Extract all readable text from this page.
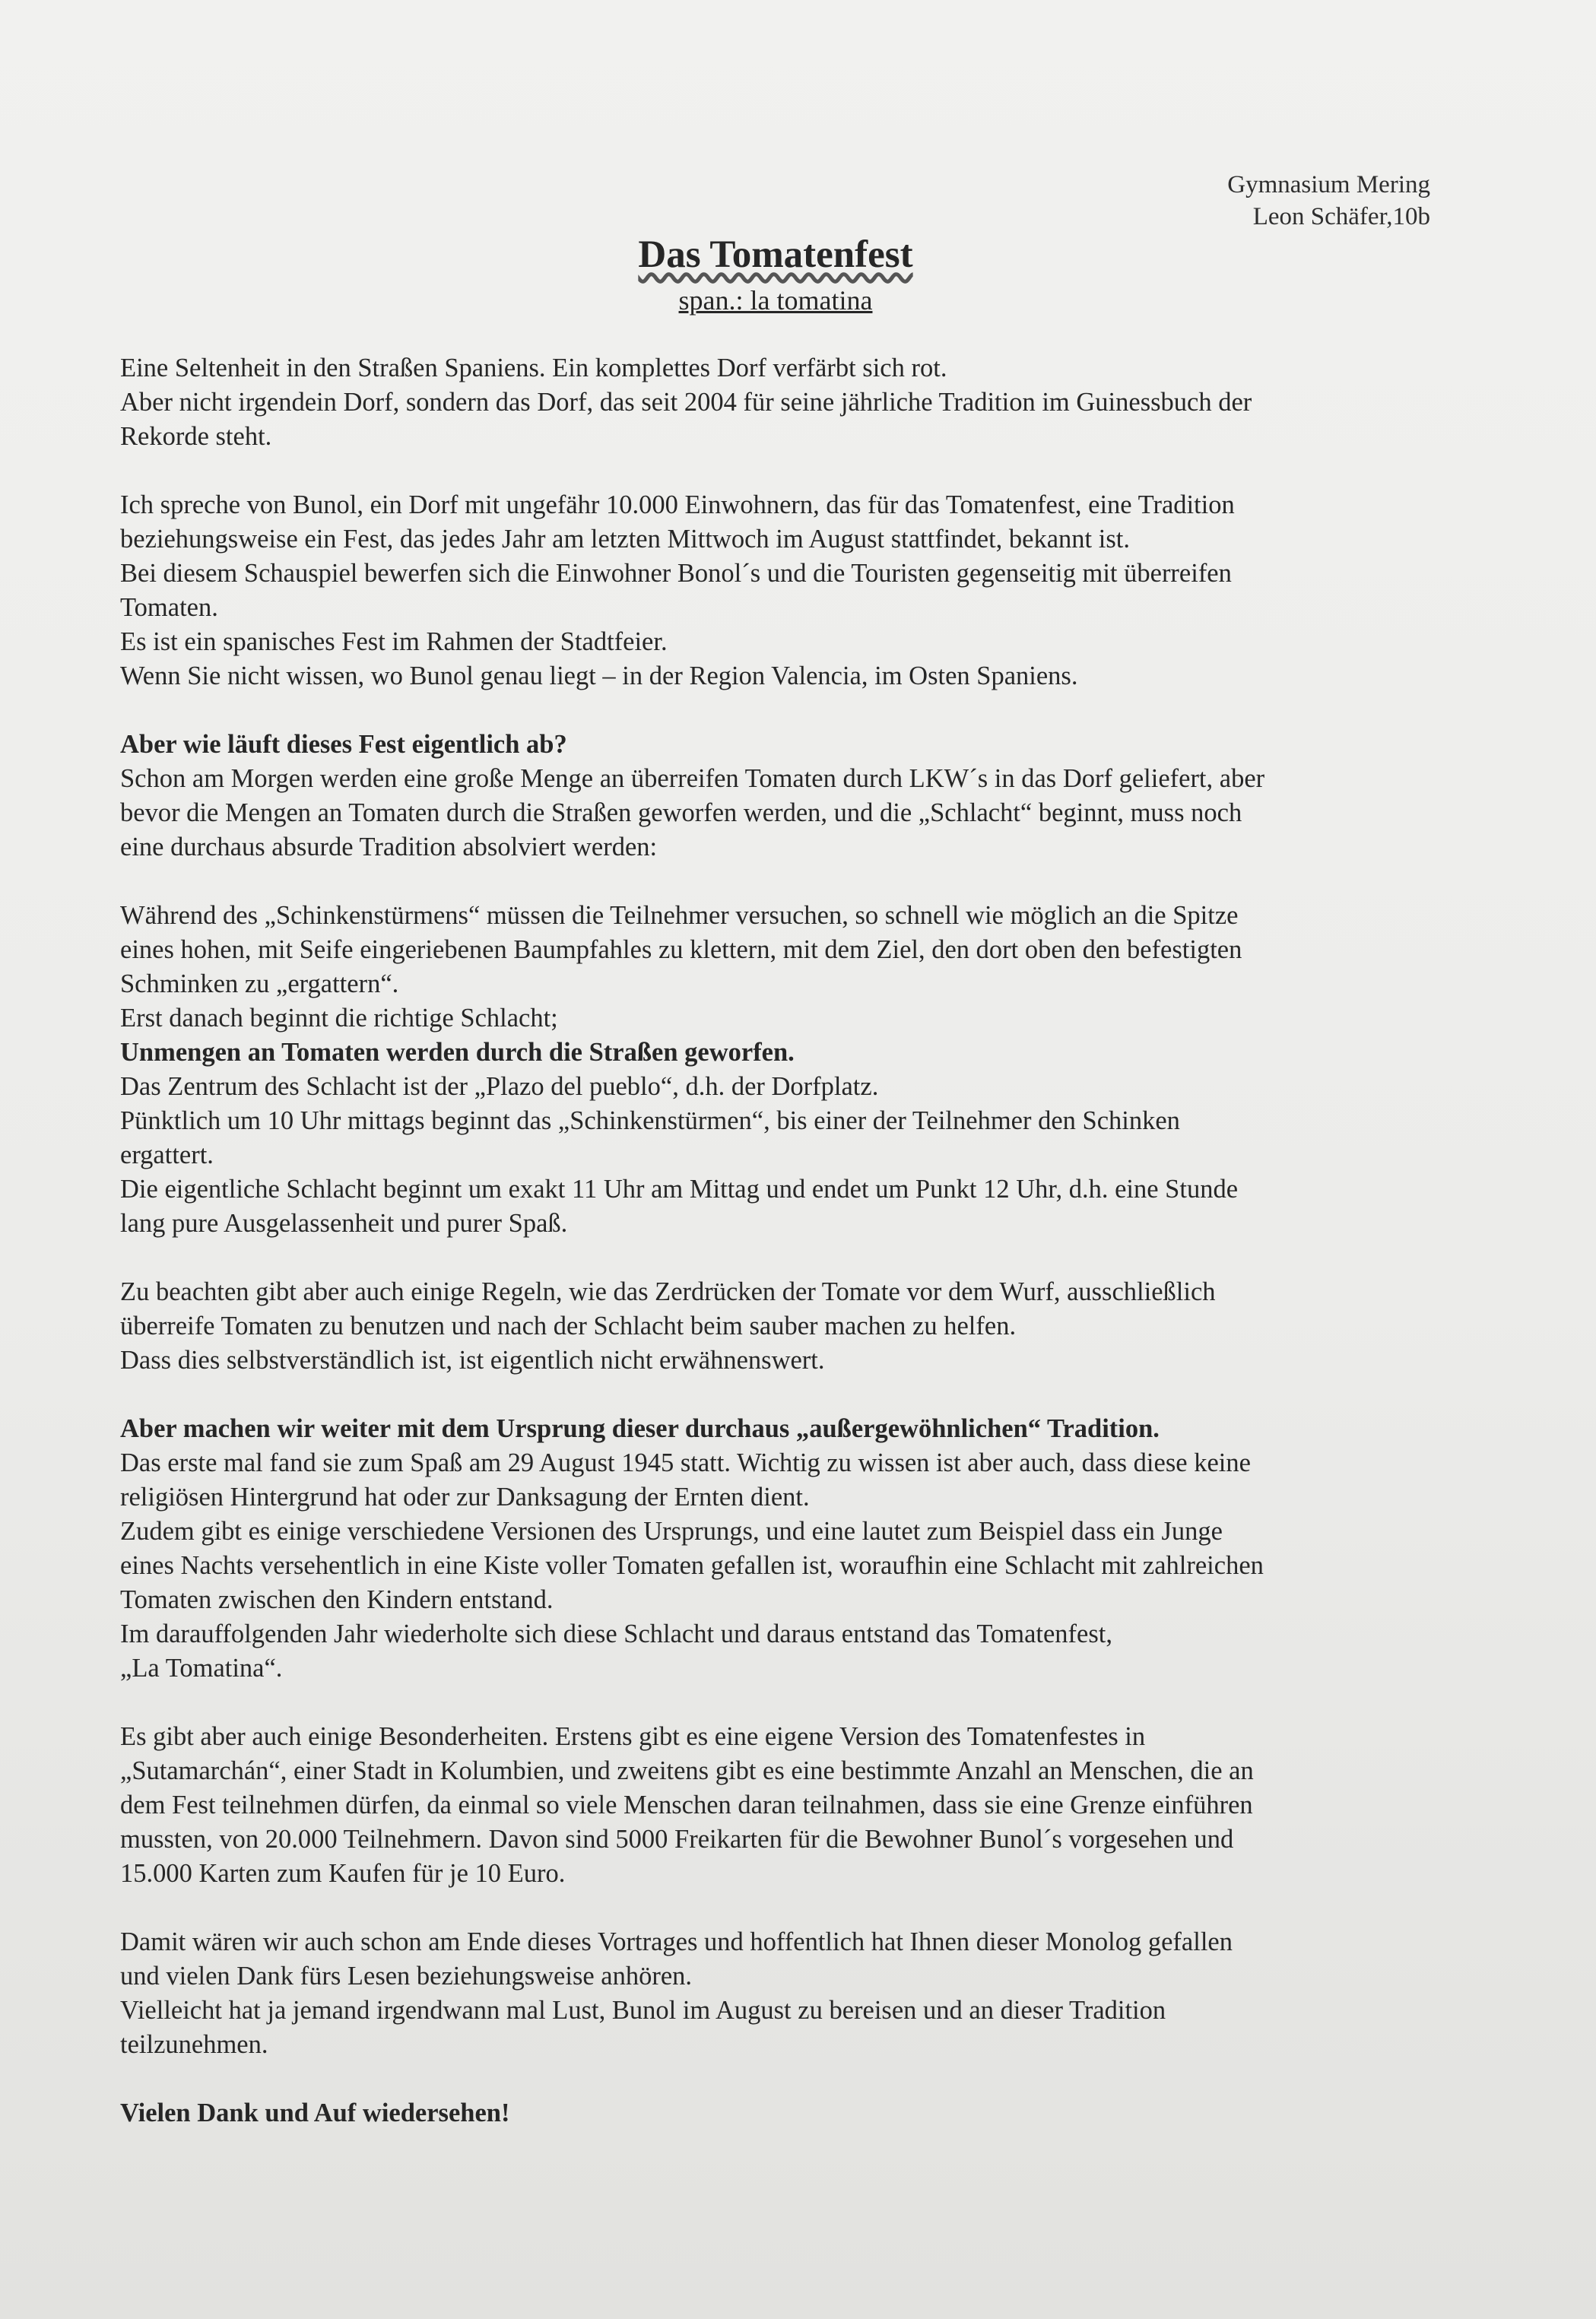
Gymnasium Mering
Leon Schäfer,10b
Das Tomatenfest
span.: la tomatina
Eine Seltenheit in den Straßen Spaniens. Ein komplettes Dorf verfärbt sich rot.
Aber nicht irgendein Dorf, sondern das Dorf, das seit 2004 für seine jährliche Tradition im Guinessbuch der
Rekorde steht.
Ich spreche von Bunol, ein Dorf mit ungefähr 10.000 Einwohnern, das für das Tomatenfest, eine Tradition
beziehungsweise ein Fest, das jedes Jahr am letzten Mittwoch im August stattfindet, bekannt ist.
Bei diesem Schauspiel bewerfen sich die Einwohner Bonol´s und die Touristen gegenseitig mit überreifen
Tomaten.
Es ist ein spanisches Fest im Rahmen der Stadtfeier.
Wenn Sie nicht wissen, wo Bunol genau liegt – in der Region Valencia, im Osten Spaniens.
Aber wie läuft dieses Fest eigentlich ab?
Schon am Morgen werden eine große Menge an überreifen Tomaten durch LKW´s in das Dorf geliefert, aber
bevor die Mengen an Tomaten durch die Straßen geworfen werden, und die „Schlacht“ beginnt, muss noch
eine durchaus absurde Tradition absolviert werden:
Während des „Schinkenstürmens“ müssen die Teilnehmer versuchen, so schnell wie möglich an die Spitze
eines hohen, mit Seife eingeriebenen Baumpfahles zu klettern, mit dem Ziel, den dort oben den befestigten
Schminken zu „ergattern“.
Erst danach beginnt die richtige Schlacht;
Unmengen an Tomaten werden durch die Straßen geworfen.
Das Zentrum des Schlacht ist der „Plazo del pueblo“, d.h. der Dorfplatz.
Pünktlich um 10 Uhr mittags beginnt das „Schinkenstürmen“, bis einer der Teilnehmer den Schinken
ergattert.
Die eigentliche Schlacht beginnt um exakt 11 Uhr am Mittag und endet um Punkt 12 Uhr, d.h. eine Stunde
lang pure Ausgelassenheit und purer Spaß.
Zu beachten gibt aber auch einige Regeln, wie das Zerdrücken der Tomate vor dem Wurf, ausschließlich
überreife Tomaten zu benutzen und nach der Schlacht beim sauber machen zu helfen.
Dass dies selbstverständlich ist, ist eigentlich nicht erwähnenswert.
Aber machen wir weiter mit dem Ursprung dieser durchaus „außergewöhnlichen“ Tradition.
Das erste mal fand sie zum Spaß am 29 August 1945 statt. Wichtig zu wissen ist aber auch, dass diese keine
religiösen Hintergrund hat oder zur Danksagung der Ernten dient.
Zudem gibt es einige verschiedene Versionen des Ursprungs, und eine lautet zum Beispiel dass ein Junge
eines Nachts versehentlich in eine Kiste voller Tomaten gefallen ist, woraufhin eine Schlacht mit zahlreichen
Tomaten zwischen den Kindern entstand.
Im darauffolgenden Jahr wiederholte sich diese Schlacht und daraus entstand das Tomatenfest,
„La Tomatina“.
Es gibt aber auch einige Besonderheiten. Erstens gibt es eine eigene Version des Tomatenfestes in
„Sutamarchán“, einer Stadt in Kolumbien, und zweitens gibt es eine bestimmte Anzahl an Menschen, die an
dem Fest teilnehmen dürfen, da einmal so viele Menschen daran teilnahmen, dass sie eine Grenze einführen
mussten, von 20.000 Teilnehmern. Davon sind 5000 Freikarten für die Bewohner Bunol´s vorgesehen und
15.000 Karten zum Kaufen für je 10 Euro.
Damit wären wir auch schon am Ende dieses Vortrages und hoffentlich hat Ihnen dieser Monolog gefallen
und vielen Dank fürs Lesen beziehungsweise anhören.
Vielleicht hat ja jemand irgendwann mal Lust, Bunol im August zu bereisen und an dieser Tradition
teilzunehmen.
Vielen Dank und Auf wiedersehen!
